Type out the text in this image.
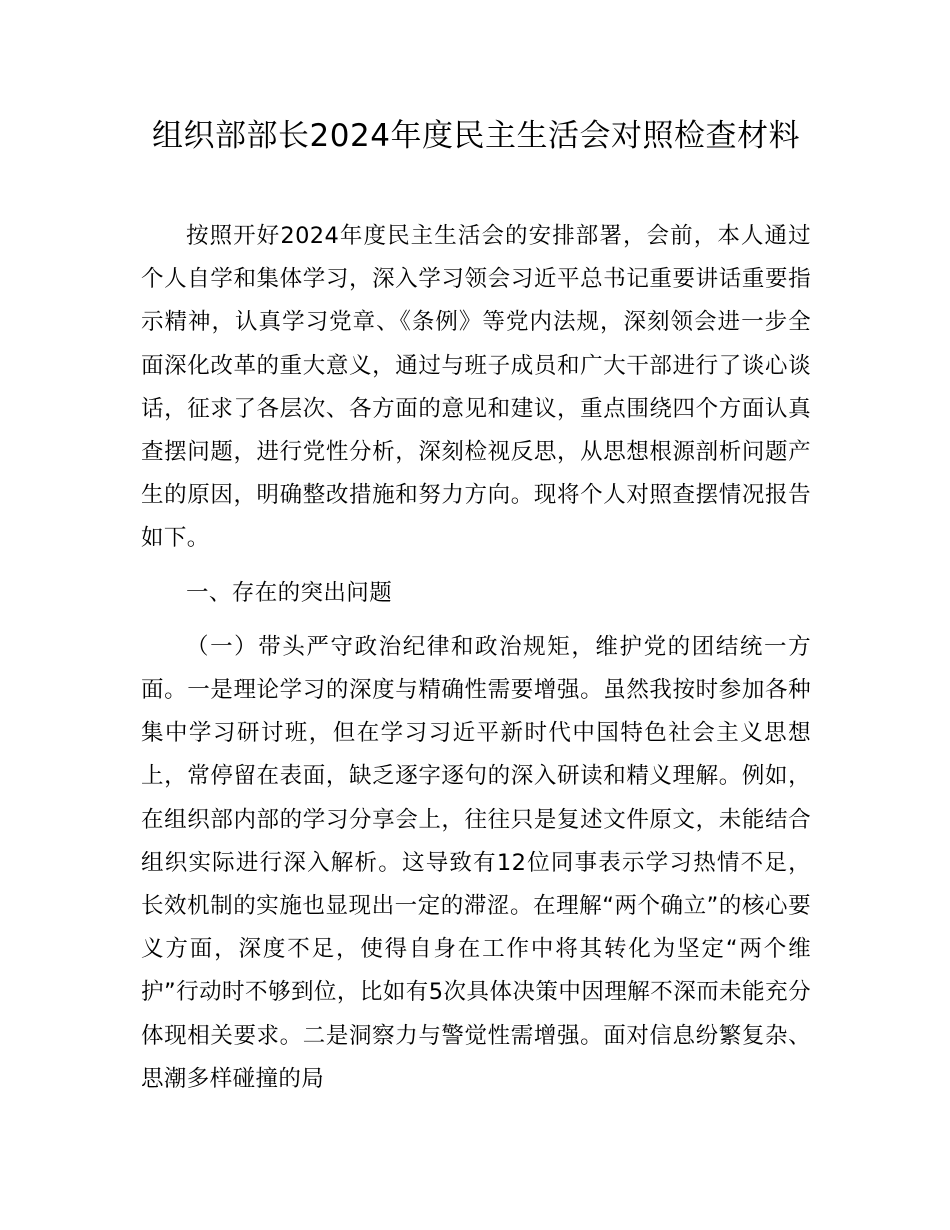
组织部部长2024年度民主生活会对照检查材料

按照开好2024年度民主生活会的安排部署，会前，本人通过个人自学和集体学习，深入学习领会习近平总书记重要讲话重要指示精神，认真学习党章、《条例》等党内法规，深刻领会进一步全面深化改革的重大意义，通过与班子成员和广大干部进行了谈心谈话，征求了各层次、各方面的意见和建议，重点围绕四个方面认真查摆问题，进行党性分析，深刻检视反思，从思想根源剖析问题产生的原因，明确整改措施和努力方向。现将个人对照查摆情况报告如下。

一、存在的突出问题

（一）带头严守政治纪律和政治规矩，维护党的团结统一方面。一是理论学习的深度与精确性需要增强。虽然我按时参加各种集中学习研讨班，但在学习习近平新时代中国特色社会主义思想上，常停留在表面，缺乏逐字逐句的深入研读和精义理解。例如，在组织部内部的学习分享会上，往往只是复述文件原文，未能结合组织实际进行深入解析。这导致有12位同事表示学习热情不足，长效机制的实施也显现出一定的滞涩。在理解“两个确立”的核心要义方面，深度不足，使得自身在工作中将其转化为坚定“两个维护”行动时不够到位，比如有5次具体决策中因理解不深而未能充分体现相关要求。二是洞察力与警觉性需增强。面对信息纷繁复杂、思潮多样碰撞的局
